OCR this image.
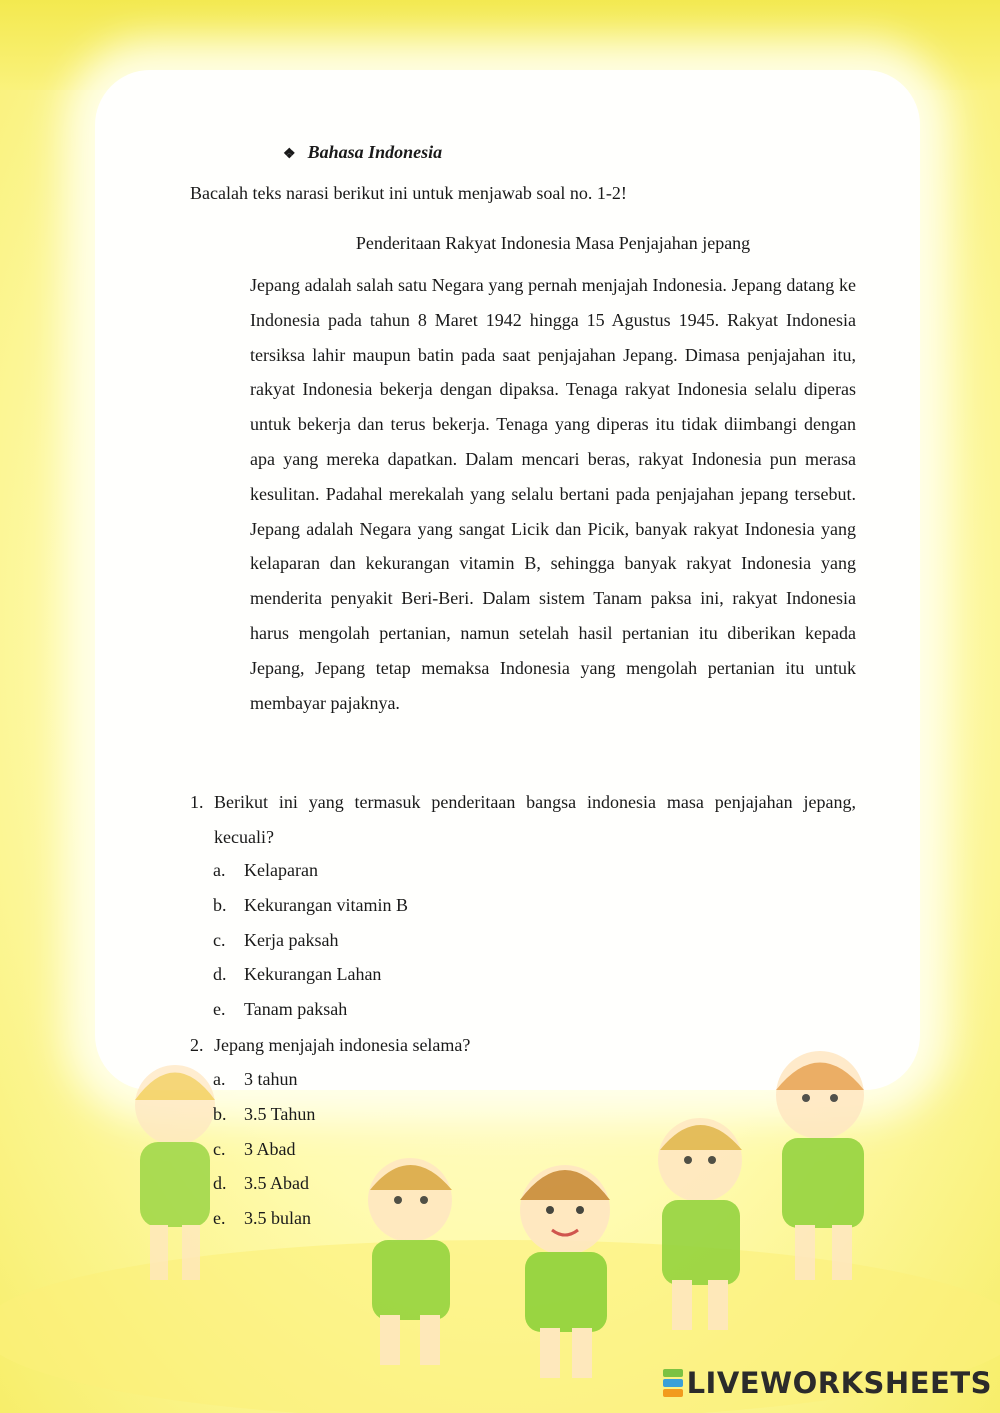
❖ Bahasa Indonesia
Bacalah teks narasi berikut ini untuk menjawab soal no. 1-2!
Penderitaan Rakyat Indonesia Masa Penjajahan jepang

Jepang adalah salah satu Negara yang pernah menjajah Indonesia. Jepang datang ke Indonesia pada tahun 8 Maret 1942 hingga 15 Agustus 1945. Rakyat Indonesia tersiksa lahir maupun batin pada saat penjajahan Jepang. Dimasa penjajahan itu, rakyat Indonesia bekerja dengan dipaksa. Tenaga rakyat Indonesia selalu diperas untuk bekerja dan terus bekerja. Tenaga yang diperas itu tidak diimbangi dengan apa yang mereka dapatkan. Dalam mencari beras, rakyat Indonesia pun merasa kesulitan. Padahal merekalah yang selalu bertani pada penjajahan jepang tersebut. Jepang adalah Negara yang sangat Licik dan Picik, banyak rakyat Indonesia yang kelaparan dan kekurangan vitamin B, sehingga banyak rakyat Indonesia yang menderita penyakit Beri-Beri. Dalam sistem Tanam paksa ini, rakyat Indonesia harus mengolah pertanian, namun setelah hasil pertanian itu diberikan kepada Jepang, Jepang tetap memaksa Indonesia yang mengolah pertanian itu untuk membayar pajaknya.

1. Berikut ini yang termasuk penderitaan bangsa indonesia masa penjajahan jepang, kecuali?
a. Kelaparan
b. Kekurangan vitamin B
c. Kerja paksah
d. Kekurangan Lahan
e. Tanam paksah
2. Jepang menjajah indonesia selama?
a. 3 tahun
b. 3.5 Tahun
c. 3 Abad
d. 3.5 Abad
e. 3.5 bulan
LIVEWORKSHEETS
